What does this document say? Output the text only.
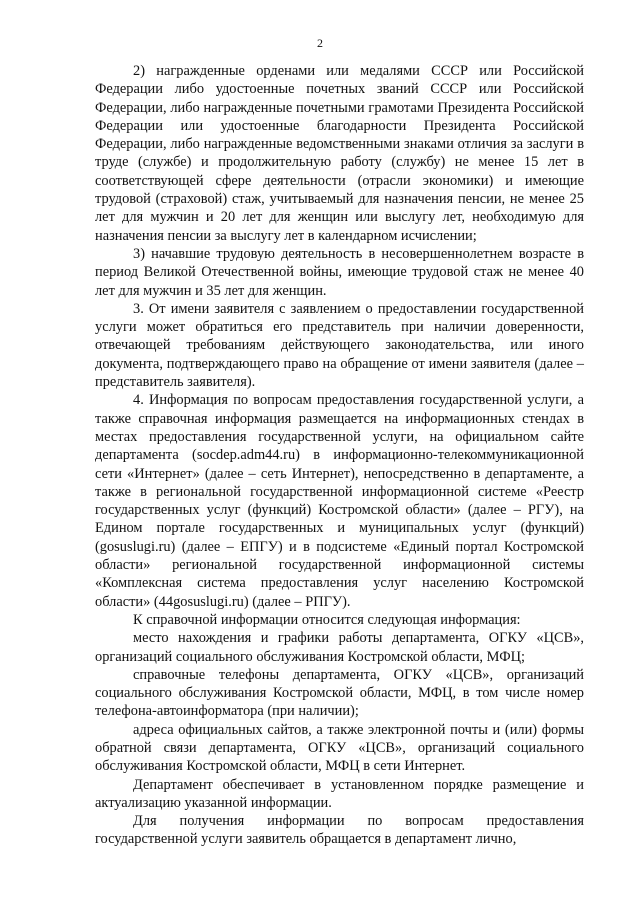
2

2) награжденные орденами или медалями СССР или Российской Федерации либо удостоенные почетных званий СССР или Российской Федерации, либо награжденные почетными грамотами Президента Российской Федерации или удостоенные благодарности Президента Российской Федерации, либо награжденные ведомственными знаками отличия за заслуги в труде (службе) и продолжительную работу (службу) не менее 15 лет в соответствующей сфере деятельности (отрасли экономики) и имеющие трудовой (страховой) стаж, учитываемый для назначения пенсии, не менее 25 лет для мужчин и 20 лет для женщин или выслугу лет, необходимую для назначения пенсии за выслугу лет в календарном исчислении;

3) начавшие трудовую деятельность в несовершеннолетнем возрасте в период Великой Отечественной войны, имеющие трудовой стаж не менее 40 лет для мужчин и 35 лет для женщин.

3. От имени заявителя с заявлением о предоставлении государственной услуги может обратиться его представитель при наличии доверенности, отвечающей требованиям действующего законодательства, или иного документа, подтверждающего право на обращение от имени заявителя (далее – представитель заявителя).

4. Информация по вопросам предоставления государственной услуги, а также справочная информация размещается на информационных стендах в местах предоставления государственной услуги, на официальном сайте департамента (socdep.adm44.ru) в информационно-телекоммуникационной сети «Интернет» (далее – сеть Интернет), непосредственно в департаменте, а также в региональной государственной информационной системе «Реестр государственных услуг (функций) Костромской области» (далее – РГУ), на Едином портале государственных и муниципальных услуг (функций) (gosuslugi.ru) (далее – ЕПГУ) и в подсистеме «Единый портал Костромской области» региональной государственной информационной системы «Комплексная система предоставления услуг населению Костромской области» (44gosuslugi.ru) (далее – РПГУ).

К справочной информации относится следующая информация:

место нахождения и графики работы департамента, ОГКУ «ЦСВ», организаций социального обслуживания Костромской области, МФЦ;

справочные телефоны департамента, ОГКУ «ЦСВ», организаций социального обслуживания Костромской области, МФЦ, в том числе номер телефона-автоинформатора (при наличии);

адреса официальных сайтов, а также электронной почты и (или) формы обратной связи департамента, ОГКУ «ЦСВ», организаций социального обслуживания Костромской области, МФЦ в сети Интернет.

Департамент обеспечивает в установленном порядке размещение и актуализацию указанной информации.

Для получения информации по вопросам предоставления государственной услуги заявитель обращается в департамент лично,
